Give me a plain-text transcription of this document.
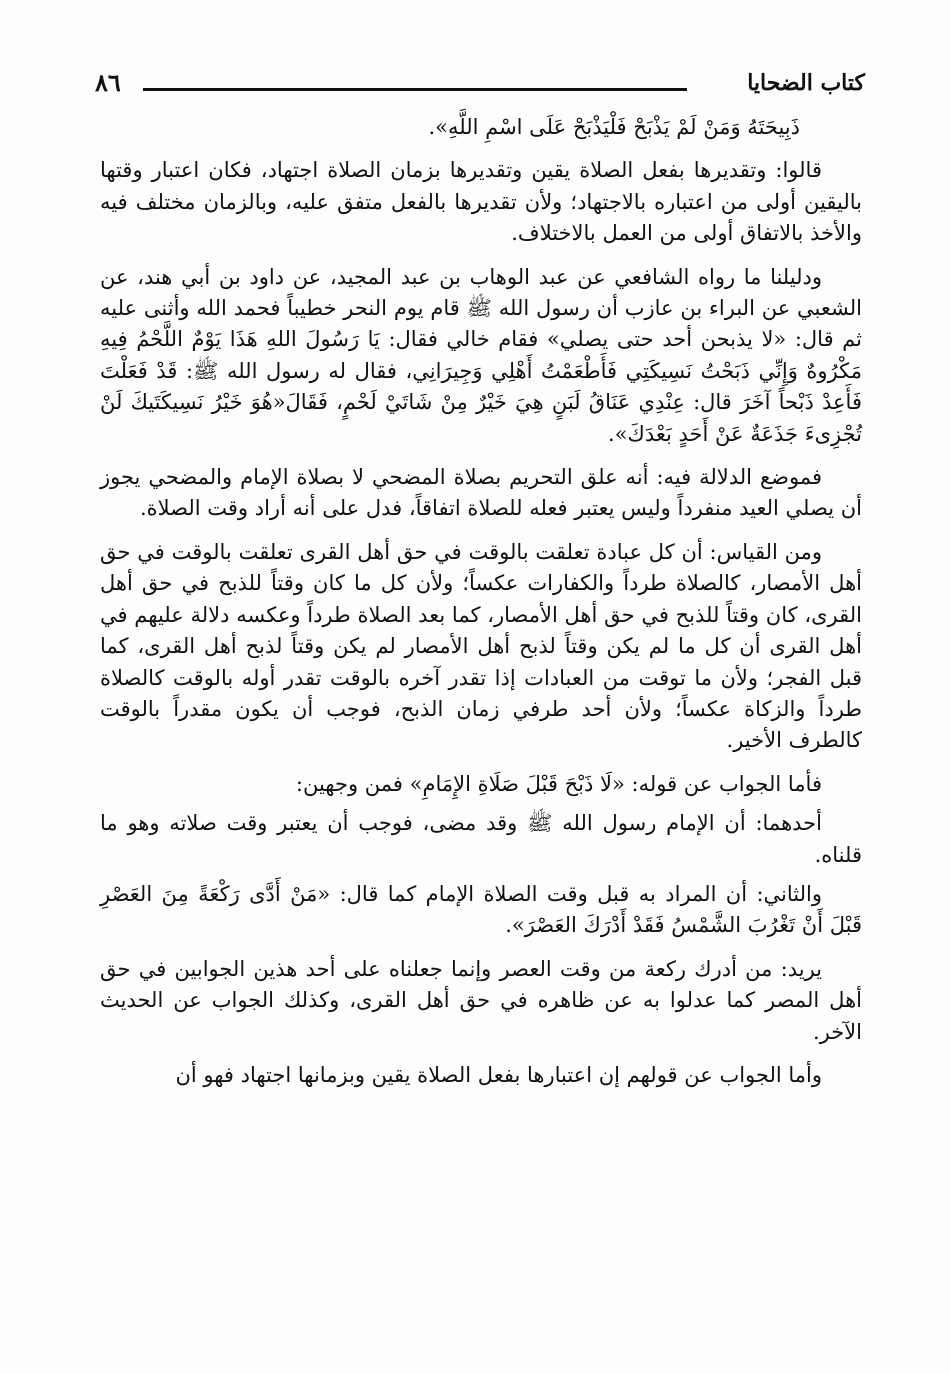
كتاب الضحايا
٨٦

ذَبِيحَتَهُ وَمَنْ لَمْ يَذْبَحْ فَلْيَذْبَحْ عَلَى اسْمِ اللَّهِ».

قالوا: وتقديرها بفعل الصلاة يقين وتقديرها بزمان الصلاة اجتهاد، فكان اعتبار وقتها باليقين أولى من اعتباره بالاجتهاد؛ ولأن تقديرها بالفعل متفق عليه، وبالزمان مختلف فيه والأخذ بالاتفاق أولى من العمل بالاختلاف.

ودليلنا ما رواه الشافعي عن عبد الوهاب بن عبد المجيد، عن داود بن أبي هند، عن الشعبي عن البراء بن عازب أن رسول الله ﷺ قام يوم النحر خطيباً فحمد الله وأثنى عليه ثم قال: «لا يذبحن أحد حتى يصلي» فقام خالي فقال: يَا رَسُولَ اللهِ هَذَا يَوْمٌ اللَّحْمُ فِيهِ مَكْرُوهٌ وَإِنِّي ذَبَحْتُ نَسِيكَتِي فَأَطْعَمْتُ أَهْلِي وَجِيرَانِي، فقال له رسول الله ﷺ: قَدْ فَعَلْتَ فَأَعِدْ ذَبْحاً آخَرَ قال: عِنْدِي عَنَاقُ لَبَنٍ هِيَ خَيْرٌ مِنْ شَاتَيْ لَحْمٍ، فَقَالَ«هُوَ خَيْرُ نَسِيكَتَيكَ لَنْ تُجْزِىءَ جَذَعَةٌ عَنْ أَحَدٍ بَعْدَكَ».

فموضع الدلالة فيه: أنه علق التحريم بصلاة المضحي لا بصلاة الإمام والمضحي يجوز أن يصلي العيد منفرداً وليس يعتبر فعله للصلاة اتفاقاً، فدل على أنه أراد وقت الصلاة.

ومن القياس: أن كل عبادة تعلقت بالوقت في حق أهل القرى تعلقت بالوقت في حق أهل الأمصار، كالصلاة طرداً والكفارات عكساً؛ ولأن كل ما كان وقتاً للذبح في حق أهل القرى، كان وقتاً للذبح في حق أهل الأمصار، كما بعد الصلاة طرداً وعكسه دلالة عليهم في أهل القرى أن كل ما لم يكن وقتاً لذبح أهل الأمصار لم يكن وقتاً لذبح أهل القرى، كما قبل الفجر؛ ولأن ما توقت من العبادات إذا تقدر آخره بالوقت تقدر أوله بالوقت كالصلاة طرداً والزكاة عكساً؛ ولأن أحد طرفي زمان الذبح، فوجب أن يكون مقدراً بالوقت كالطرف الأخير.

فأما الجواب عن قوله: «لَا ذَبْحَ قَبْلَ صَلَاةِ الإِمَامِ» فمن وجهين:

أحدهما: أن الإمام رسول الله ﷺ وقد مضى، فوجب أن يعتبر وقت صلاته وهو ما قلناه.

والثاني: أن المراد به قبل وقت الصلاة الإمام كما قال: «مَنْ أَدَّى رَكْعَةً مِنَ العَصْرِ قَبْلَ أَنْ تَغْرُبَ الشَّمْسُ فَقَدْ أَدْرَكَ العَصْرَ».

يريد: من أدرك ركعة من وقت العصر وإنما جعلناه على أحد هذين الجوابين في حق أهل المصر كما عدلوا به عن ظاهره في حق أهل القرى، وكذلك الجواب عن الحديث الآخر.

وأما الجواب عن قولهم إن اعتبارها بفعل الصلاة يقين وبزمانها اجتهاد فهو أن
